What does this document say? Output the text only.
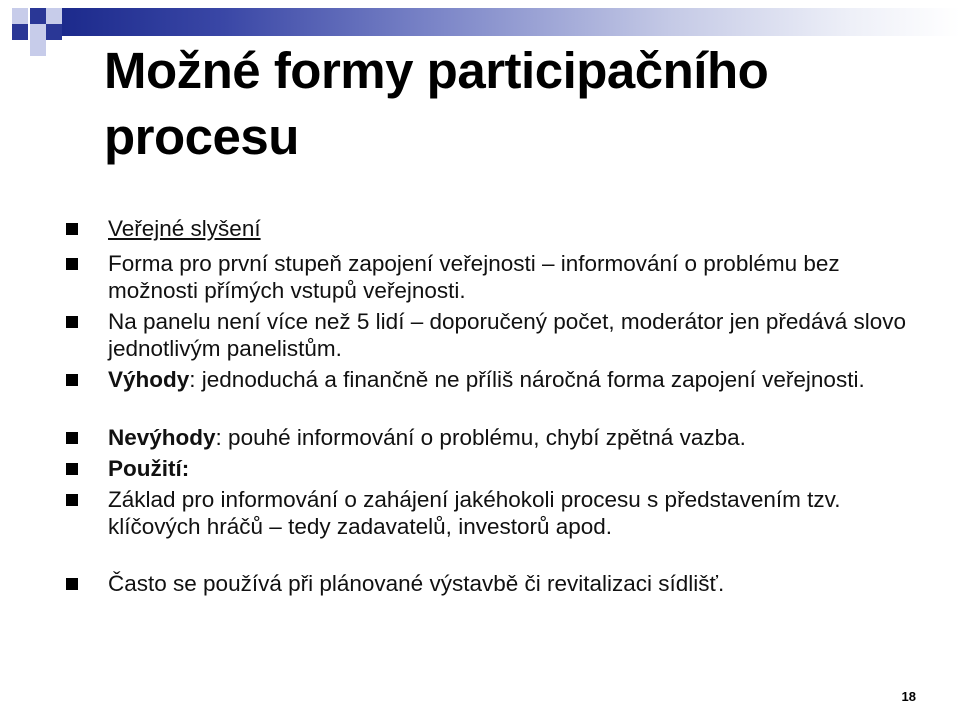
Možné formy participačního procesu
Veřejné slyšení
Forma pro první stupeň zapojení veřejnosti – informování o problému bez možnosti přímých vstupů veřejnosti.
Na panelu není více než 5 lidí – doporučený počet, moderátor jen předává slovo jednotlivým panelistům.
Výhody: jednoduchá a finančně ne příliš náročná forma zapojení veřejnosti.
Nevýhody: pouhé informování o problému, chybí zpětná vazba.
Použití:
Základ pro informování o zahájení jakéhokoli procesu s představením tzv. klíčových hráčů – tedy zadavatelů, investorů apod.
Často se používá při plánované výstavbě či revitalizaci sídlišť.
18
